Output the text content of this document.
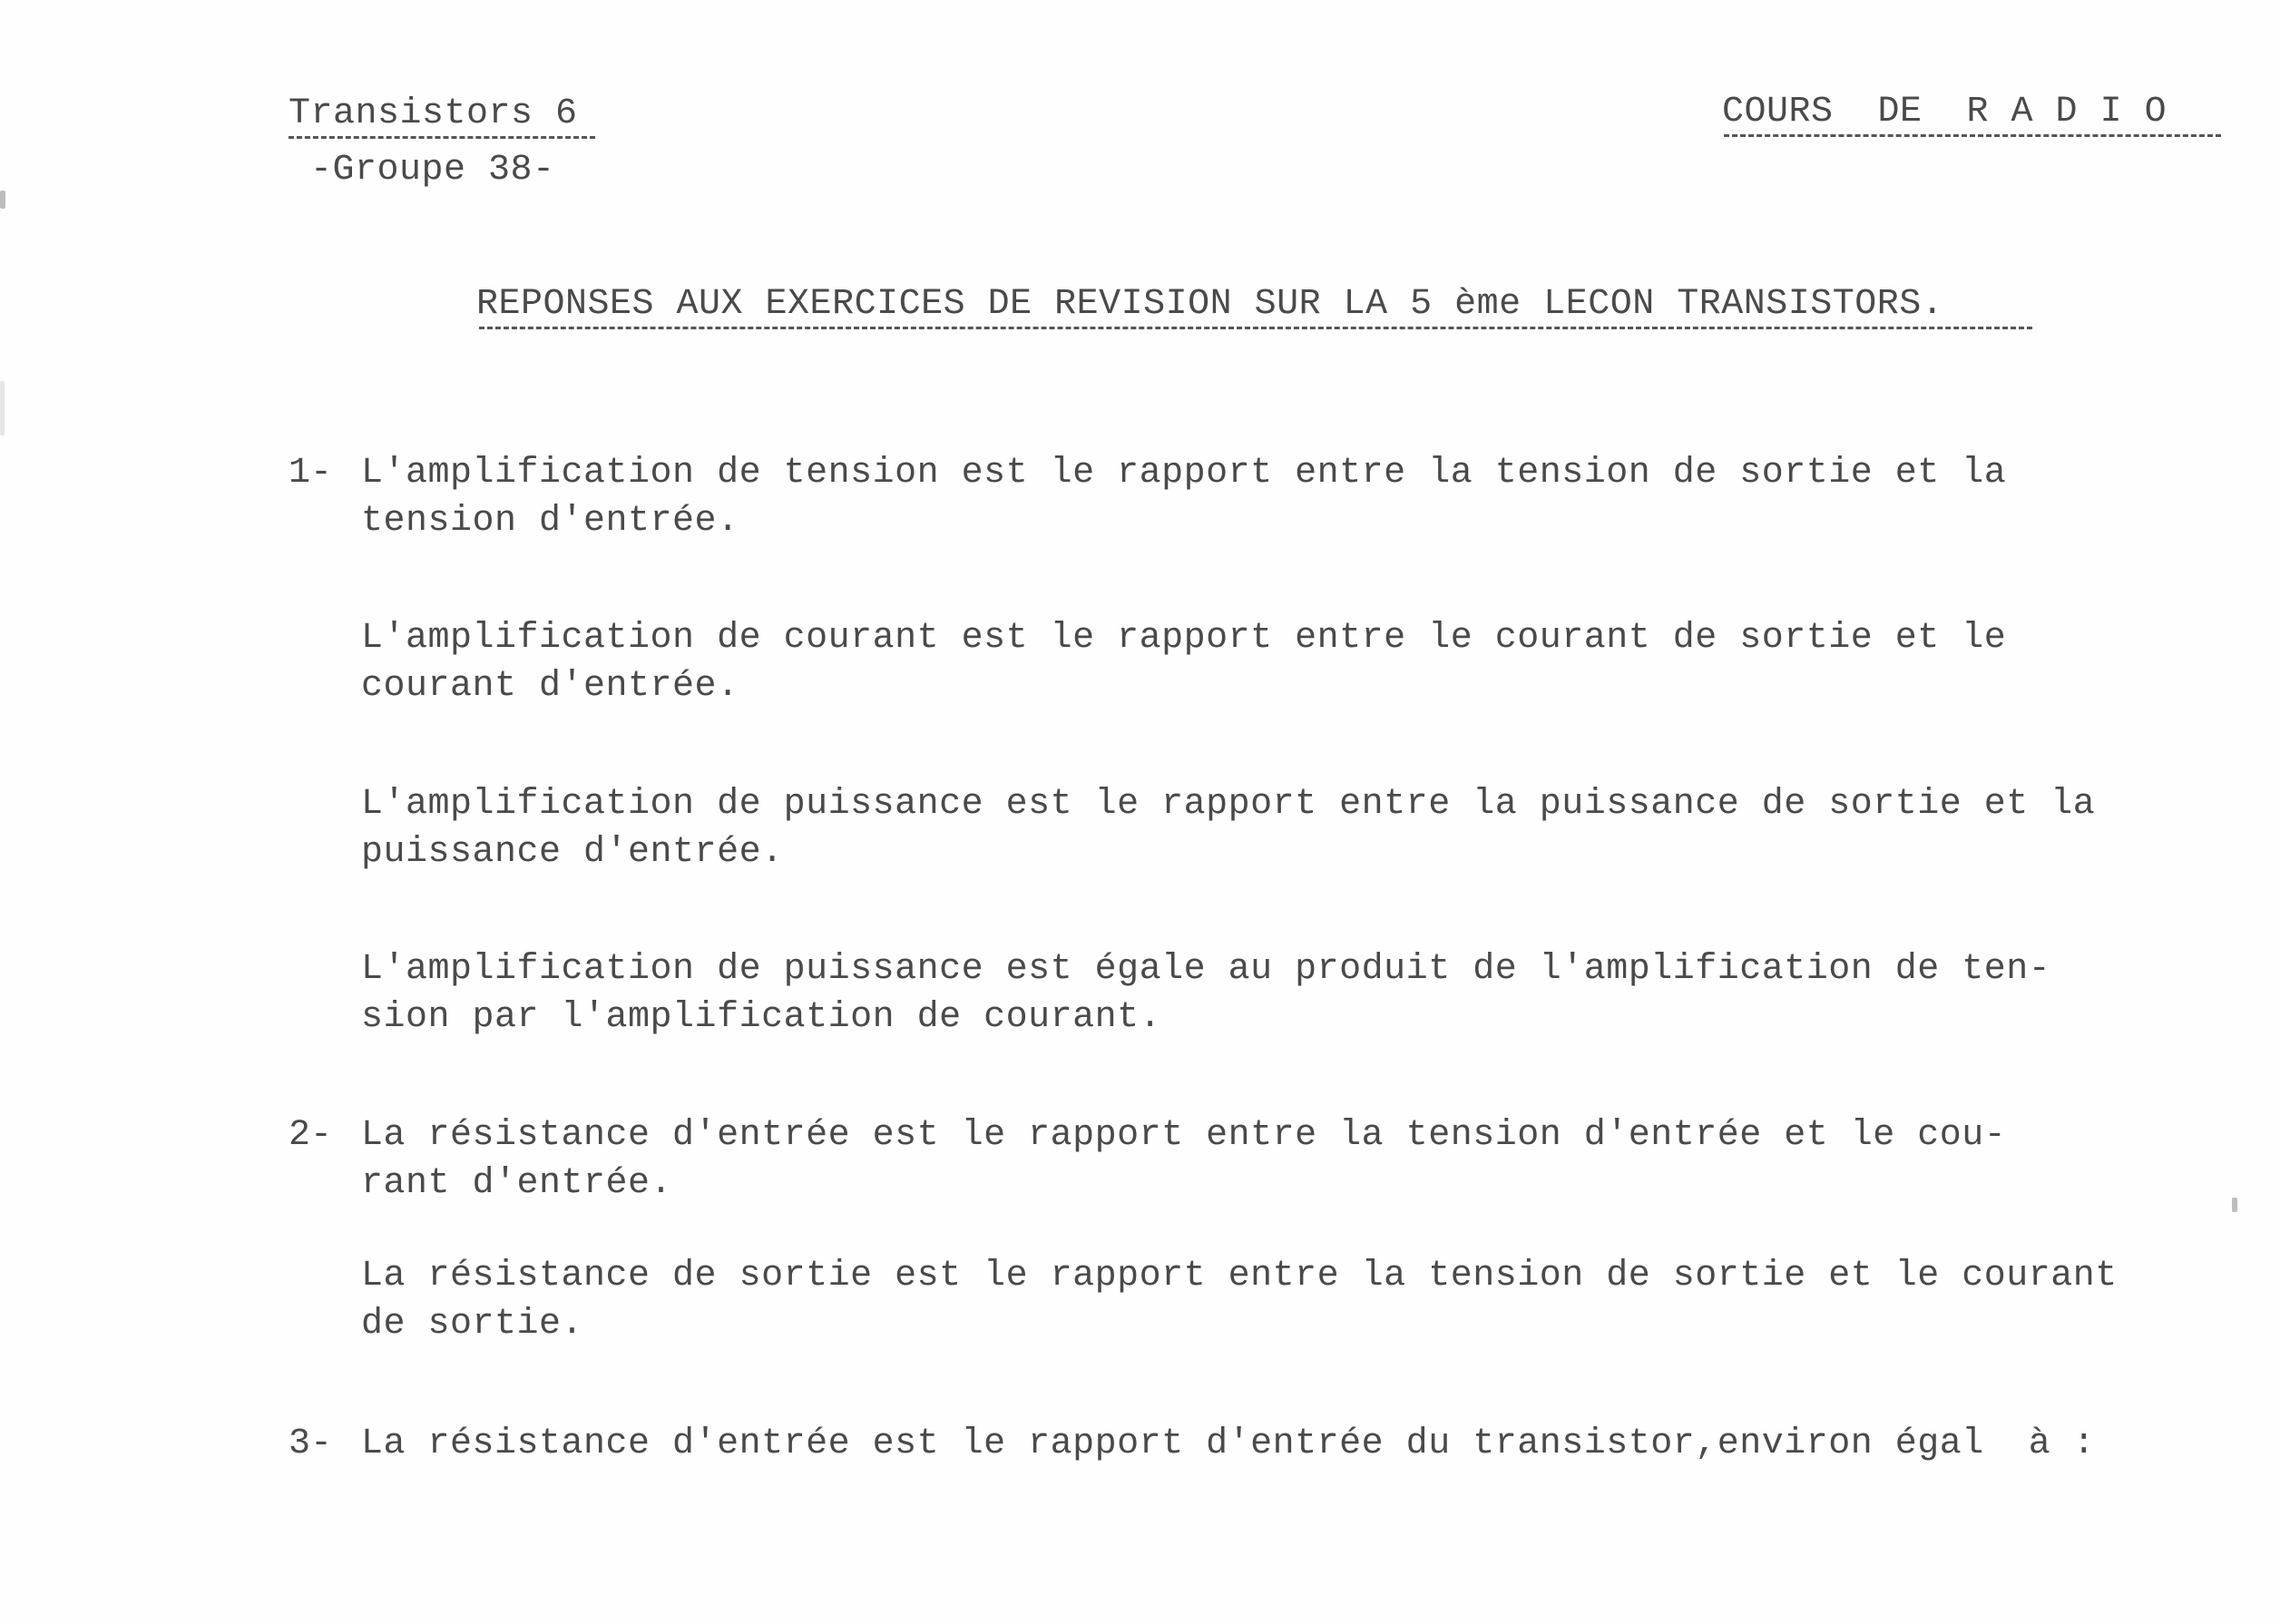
Transistors 6
-Groupe 38-
COURS  DE  R A D I O
REPONSES AUX EXERCICES DE REVISION SUR LA 5 ème LECON TRANSISTORS.
1- L'amplification de tension est le rapport entre la tension de sortie et la
tension d'entrée.
L'amplification de courant est le rapport entre le courant de sortie et le
courant d'entrée.
L'amplification de puissance est le rapport entre la puissance de sortie et la
puissance d'entrée.
L'amplification de puissance est égale au produit de l'amplification de ten-
sion par l'amplification de courant.
2- La résistance d'entrée est le rapport entre la tension d'entrée et le cou-
rant d'entrée.
La résistance de sortie est le rapport entre la tension de sortie et le courant
de sortie.
3- La résistance d'entrée est le rapport d'entrée du transistor,environ égal  à :
